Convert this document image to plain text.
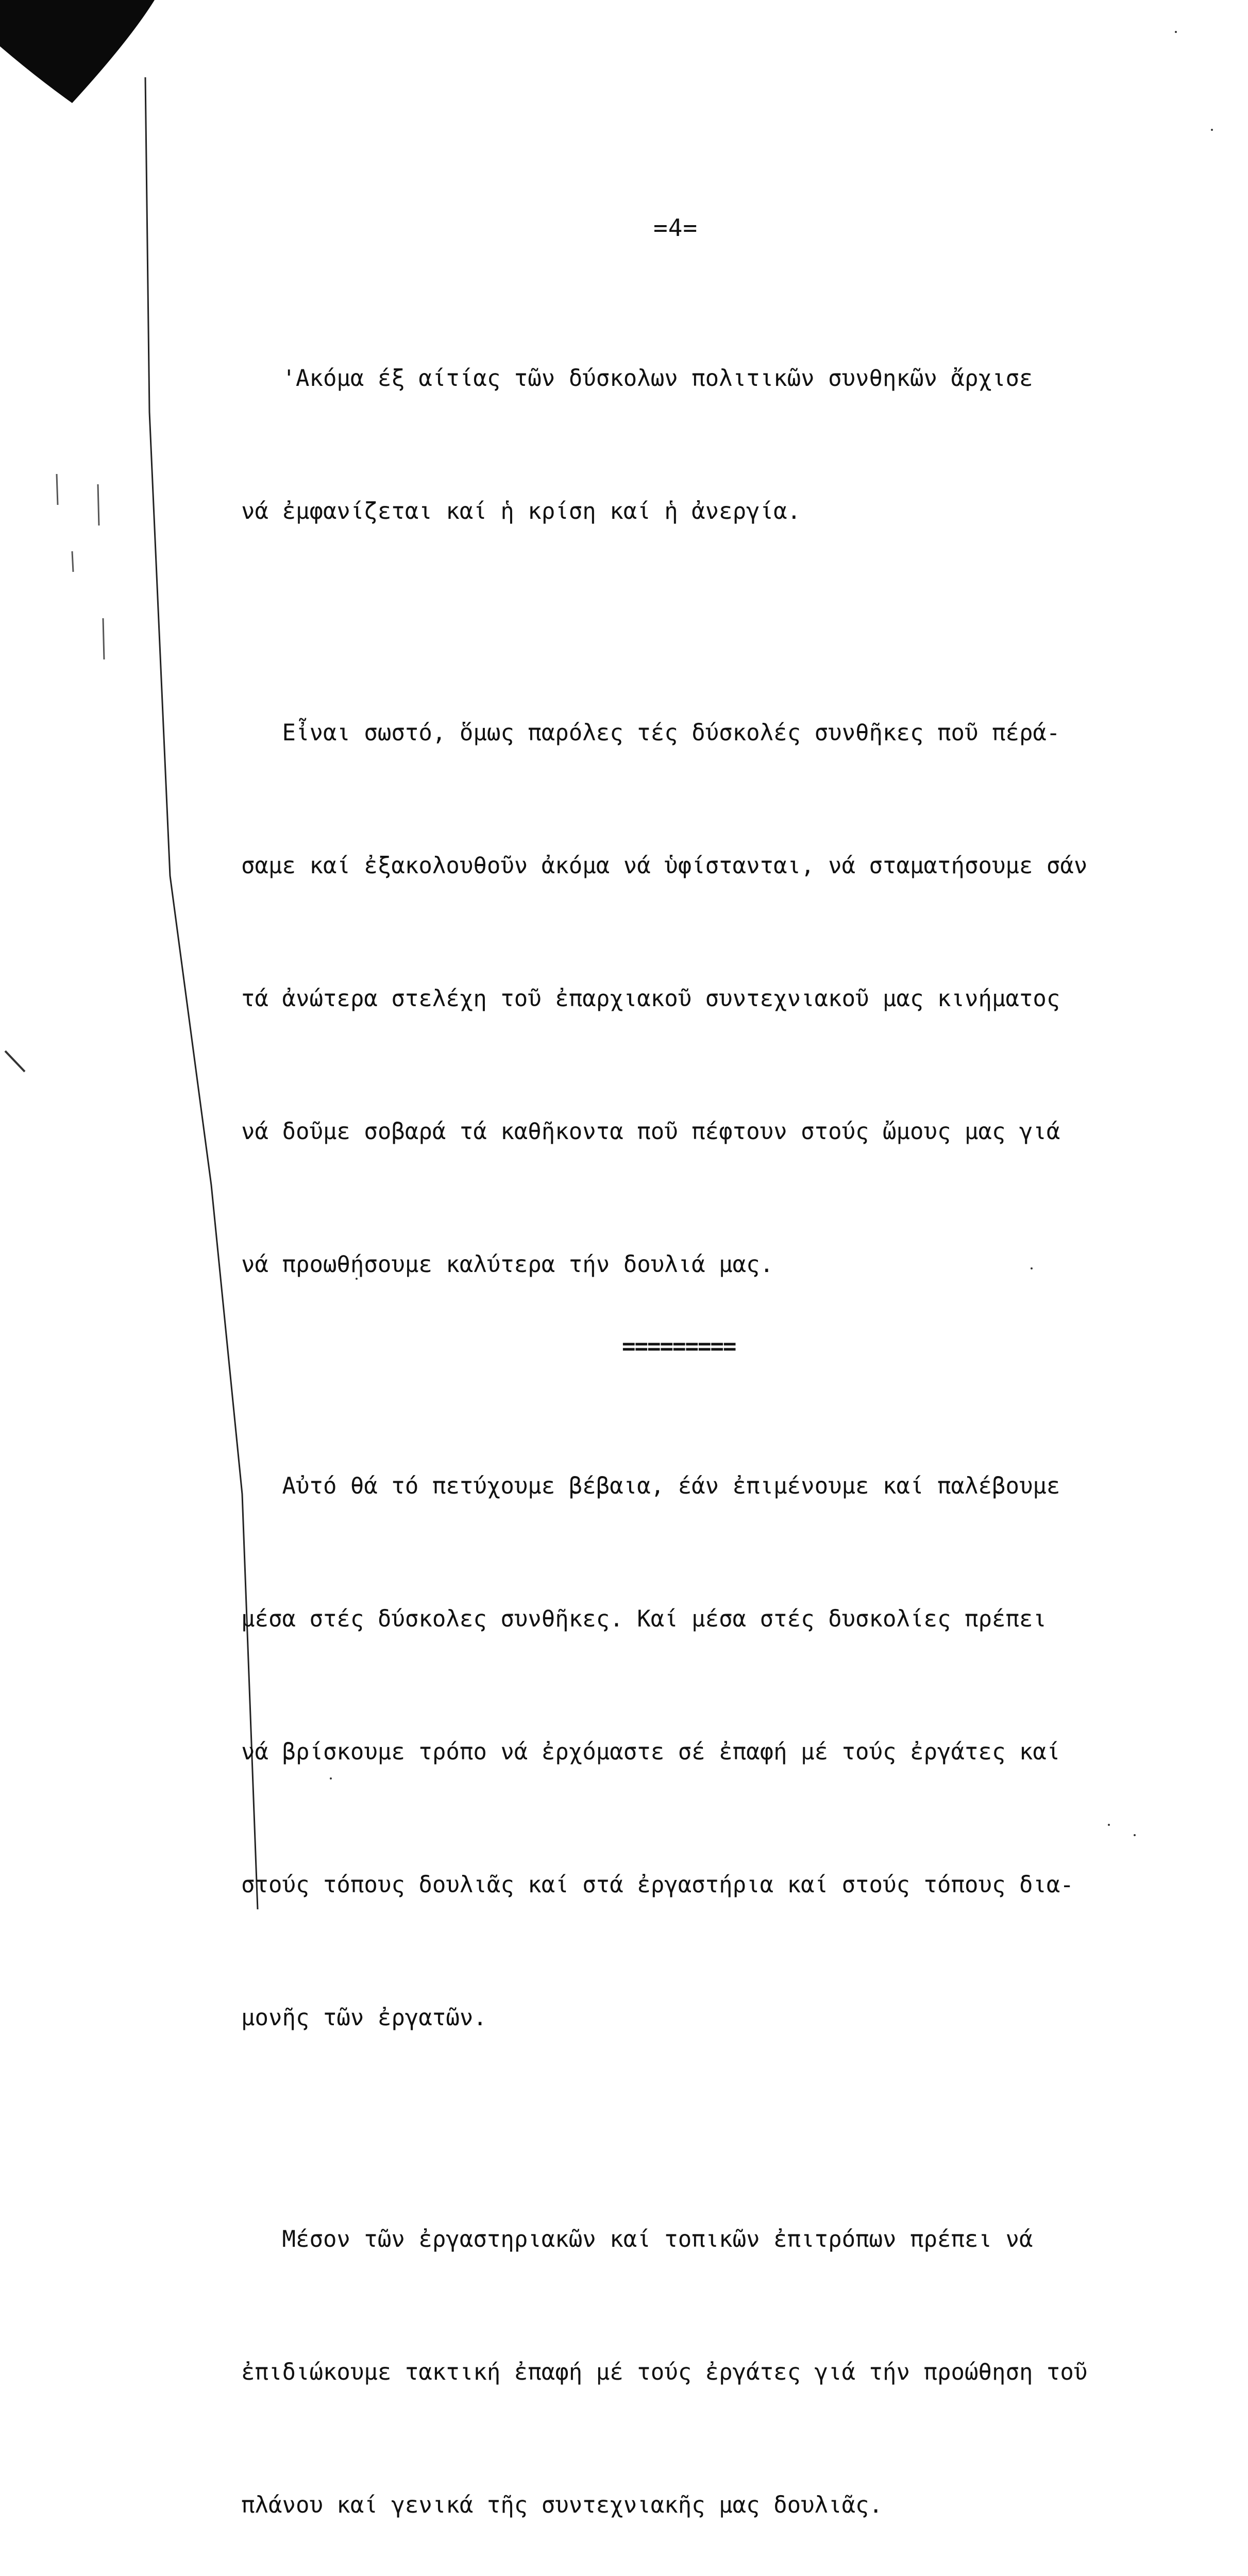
=4=

'Ακόμα έξ αίτίας τῶν δύσκολων πολιτικῶν συνθηκῶν ἄρχισε

νά ἐμφανίζεται καί ἡ κρίση καί ἡ ἀνεργία.

Εἶναι σωστό, ὅμως παρόλες τές δύσκολές συνθῆκες ποῦ πέρά-

σαμε καί ἐξακολουθοῦν ἀκόμα νά ὑφίστανται, νά σταματήσουμε σάν

τά ἀνώτερα στελέχη τοῦ ἐπαρχιακοῦ συντεχνιακοῦ μας κινήματος

νά δοῦμε σοβαρά τά καθῆκοντα ποῦ πέφτουν στούς ὤμους μας γιά

νά προωθήσουμε καλύτερα τήν δουλιά μας.

Αὐτό θά τό πετύχουμε βέβαια, έάν ἐπιμένουμε καί παλέβουμε

μέσα στές δύσκολες συνθῆκες. Καί μέσα στές δυσκολίες πρέπει

νά βρίσκουμε τρόπο νά ἐρχόμαστε σέ ἐπαφή μέ τούς ἐργάτες καί

στούς τόπους δουλιᾶς καί στά ἐργαστήρια καί στούς τόπους δια-

μονῆς τῶν ἐργατῶν.

Μέσον τῶν ἐργαστηριακῶν καί τοπικῶν ἐπιτρόπων πρέπει νά

ἐπιδιώκουμε τακτική ἐπαφή μέ τούς ἐργάτες γιά τήν προώθηση τοῦ

πλάνου καί γενικά τῆς συντεχνιακῆς μας δουλιᾶς.

=========
